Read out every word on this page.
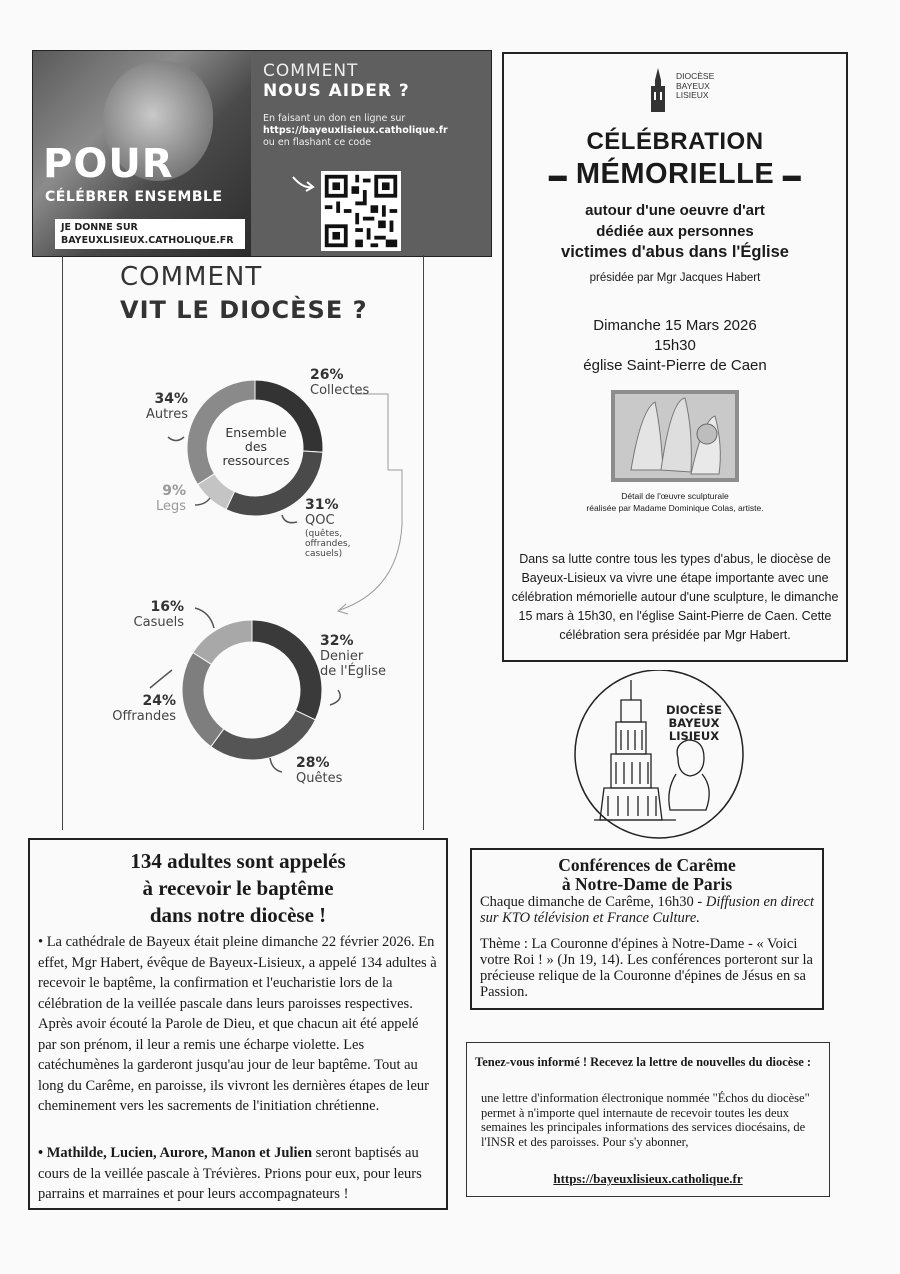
POUR
CÉLÉBRER ENSEMBLE
JE DONNE SUR
BAYEUXLISIEUX.CATHOLIQUE.FR
COMMENT
NOUS AIDER ?
En faisant un don en ligne sur
https://bayeuxlisieux.catholique.fr
ou en flashant ce code
COMMENT
VIT LE DIOCÈSE ?
Ensemble
des
ressources
26%
Collectes
34%
Autres
9%
Legs	31%
QOC
(quêtes,
offrandes,
casuels)
16%
Casuels
32%
Denier
de l'Église
24%
Offrandes
28%
Quêtes
DIOCÈSE
BAYEUX
LISIEUX
CÉLÉBRATION
▬ MÉMORIELLE ▬
autour d'une oeuvre d'art
dédiée aux personnes
victimes d'abus dans l'Église
présidée par Mgr Jacques Habert
Dimanche 15 Mars 2026
15h30
église Saint-Pierre de Caen
Détail de l'œuvre sculpturale
réalisée par Madame Dominique Colas, artiste.
Dans sa lutte contre tous les types d'abus, le diocèse de Bayeux-Lisieux va vivre une étape importante avec une célébration mémorielle autour d'une sculpture, le dimanche 15 mars à 15h30, en l'église Saint-Pierre de Caen. Cette célébration sera présidée par Mgr Habert.
DIOCÈSE
BAYEUX
LISIEUX
134 adultes sont appelés
à recevoir le baptême
dans notre diocèse !
• La cathédrale de Bayeux était pleine dimanche 22 février 2026. En effet, Mgr Habert, évêque de Bayeux-Lisieux, a appelé 134 adultes à recevoir le baptême, la confirmation et l'eucharistie lors de la célébration de la veillée pascale dans leurs paroisses respectives. Après avoir écouté la Parole de Dieu, et que chacun ait été appelé par son prénom, il leur a remis une écharpe violette. Les catéchumènes la garderont jusqu'au jour de leur baptême. Tout au long du Carême, en paroisse, ils vivront les dernières étapes de leur cheminement vers les sacrements de l'initiation chrétienne.
• Mathilde, Lucien, Aurore, Manon et Julien seront baptisés au cours de la veillée pascale à Trévières. Prions pour eux, pour leurs parrains et marraines et pour leurs accompagnateurs !
Conférences de Carême
à Notre-Dame de Paris
Chaque dimanche de Carême, 16h30 - Diffusion en direct sur KTO télévision et France Culture.
Thème : La Couronne d'épines à Notre-Dame - « Voici votre Roi ! » (Jn 19, 14). Les conférences porteront sur la précieuse relique de la Couronne d'épines de Jésus en sa Passion.
Tenez-vous informé ! Recevez la lettre de nouvelles du diocèse :
une lettre d'information électronique nommée "Échos du diocèse" permet à n'importe quel internaute de recevoir toutes les deux semaines les principales informations des services diocésains, de l'INSR et des paroisses. Pour s'y abonner,
https://bayeuxlisieux.catholique.fr
